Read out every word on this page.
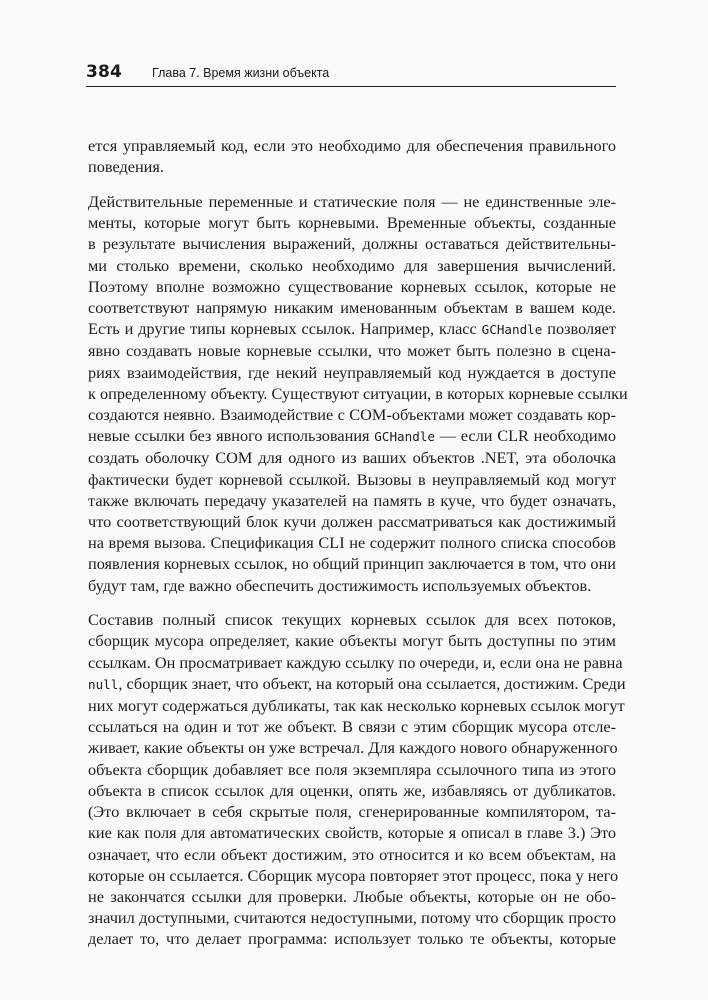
384 Глава 7. Время жизни объекта

ется управляемый код, если это необходимо для обеспечения правильного
поведения.

Действительные переменные и статические поля — не единственные эле-
менты, которые могут быть корневыми. Временные объекты, созданные
в результате вычисления выражений, должны оставаться действительны-
ми столько времени, сколько необходимо для завершения вычислений.
Поэтому вполне возможно существование корневых ссылок, которые не
соответствуют напрямую никаким именованным объектам в вашем коде.
Есть и другие типы корневых ссылок. Например, класс GCHandle позволяет
явно создавать новые корневые ссылки, что может быть полезно в сцена-
риях взаимодействия, где некий неуправляемый код нуждается в доступе
к определенному объекту. Существуют ситуации, в которых корневые ссылки
создаются неявно. Взаимодействие с COM-объектами может создавать кор-
невые ссылки без явного использования GCHandle — если CLR необходимо
создать оболочку COM для одного из ваших объектов .NET, эта оболочка
фактически будет корневой ссылкой. Вызовы в неуправляемый код могут
также включать передачу указателей на память в куче, что будет означать,
что соответствующий блок кучи должен рассматриваться как достижимый
на время вызова. Спецификация CLI не содержит полного списка способов
появления корневых ссылок, но общий принцип заключается в том, что они
будут там, где важно обеспечить достижимость используемых объектов.

Составив полный список текущих корневых ссылок для всех потоков,
сборщик мусора определяет, какие объекты могут быть доступны по этим
ссылкам. Он просматривает каждую ссылку по очереди, и, если она не равна
null, сборщик знает, что объект, на который она ссылается, достижим. Среди
них могут содержаться дубликаты, так как несколько корневых ссылок могут
ссылаться на один и тот же объект. В связи с этим сборщик мусора отсле-
живает, какие объекты он уже встречал. Для каждого нового обнаруженного
объекта сборщик добавляет все поля экземпляра ссылочного типа из этого
объекта в список ссылок для оценки, опять же, избавляясь от дубликатов.
(Это включает в себя скрытые поля, сгенерированные компилятором, та-
кие как поля для автоматических свойств, которые я описал в главе 3.) Это
означает, что если объект достижим, это относится и ко всем объектам, на
которые он ссылается. Сборщик мусора повторяет этот процесс, пока у него
не закончатся ссылки для проверки. Любые объекты, которые он не обо-
значил доступными, считаются недоступными, потому что сборщик просто
делает то, что делает программа: использует только те объекты, которые
